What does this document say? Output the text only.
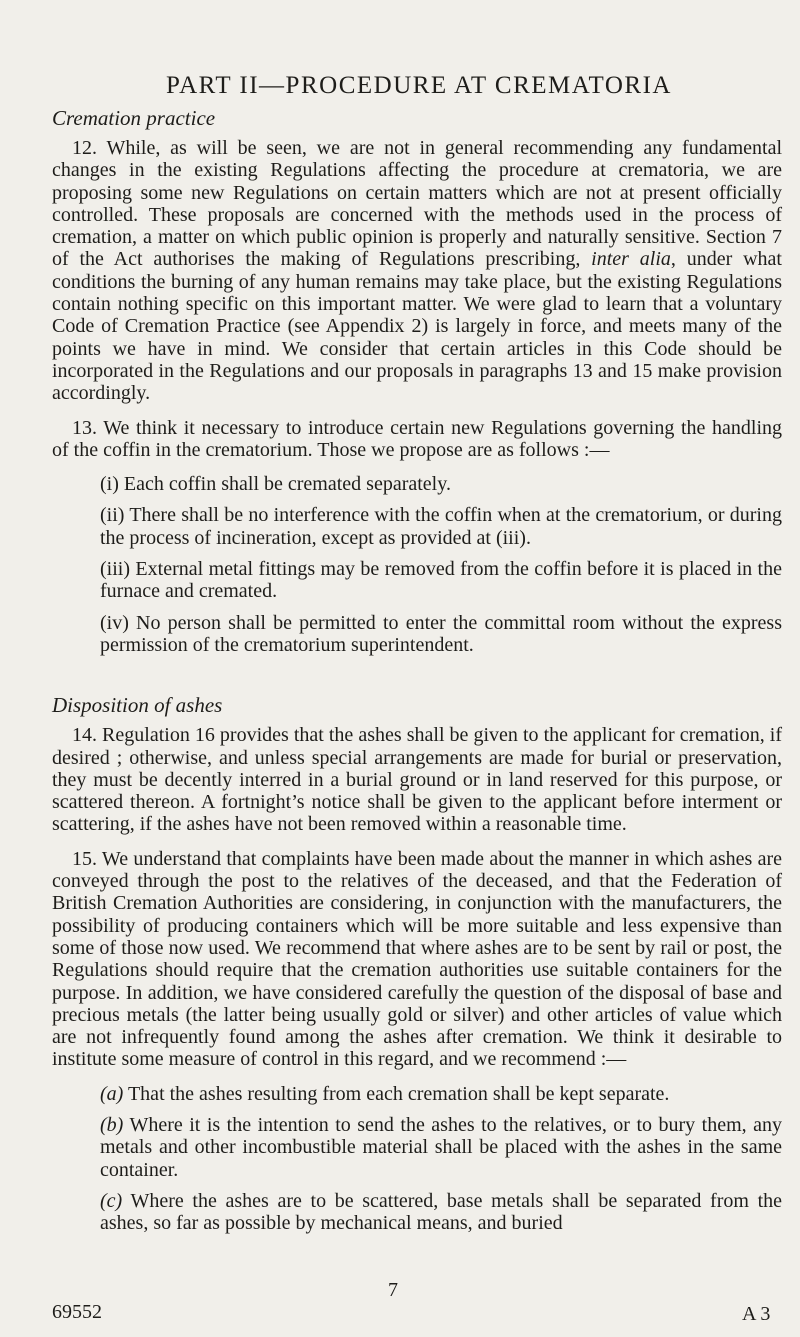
PART II—PROCEDURE AT CREMATORIA
Cremation practice

12. While, as will be seen, we are not in general recommending any fundamental changes in the existing Regulations affecting the procedure at crematoria, we are proposing some new Regulations on certain matters which are not at present officially controlled. These proposals are concerned with the methods used in the process of cremation, a matter on which public opinion is properly and naturally sensitive. Section 7 of the Act authorises the making of Regulations prescribing, inter alia, under what conditions the burning of any human remains may take place, but the existing Regulations contain nothing specific on this important matter. We were glad to learn that a voluntary Code of Cremation Practice (see Appendix 2) is largely in force, and meets many of the points we have in mind. We consider that certain articles in this Code should be incorporated in the Regulations and our proposals in paragraphs 13 and 15 make provision accordingly.

13. We think it necessary to introduce certain new Regulations governing the handling of the coffin in the crematorium. Those we propose are as follows :—

(i) Each coffin shall be cremated separately.

(ii) There shall be no interference with the coffin when at the crematorium, or during the process of incineration, except as provided at (iii).

(iii) External metal fittings may be removed from the coffin before it is placed in the furnace and cremated.

(iv) No person shall be permitted to enter the committal room without the express permission of the crematorium superintendent.

Disposition of ashes

14. Regulation 16 provides that the ashes shall be given to the applicant for cremation, if desired ; otherwise, and unless special arrangements are made for burial or preservation, they must be decently interred in a burial ground or in land reserved for this purpose, or scattered thereon. A fortnight’s notice shall be given to the applicant before interment or scattering, if the ashes have not been removed within a reasonable time.

15. We understand that complaints have been made about the manner in which ashes are conveyed through the post to the relatives of the deceased, and that the Federation of British Cremation Authorities are considering, in conjunction with the manufacturers, the possibility of producing containers which will be more suitable and less expensive than some of those now used. We recommend that where ashes are to be sent by rail or post, the Regulations should require that the cremation authorities use suitable containers for the purpose. In addition, we have considered carefully the question of the disposal of base and precious metals (the latter being usually gold or silver) and other articles of value which are not infrequently found among the ashes after cremation. We think it desirable to institute some measure of control in this regard, and we recommend :—

(a) That the ashes resulting from each cremation shall be kept separate.

(b) Where it is the intention to send the ashes to the relatives, or to bury them, any metals and other incombustible material shall be placed with the ashes in the same container.

(c) Where the ashes are to be scattered, base metals shall be separated from the ashes, so far as possible by mechanical means, and buried

69552
7
A 3
